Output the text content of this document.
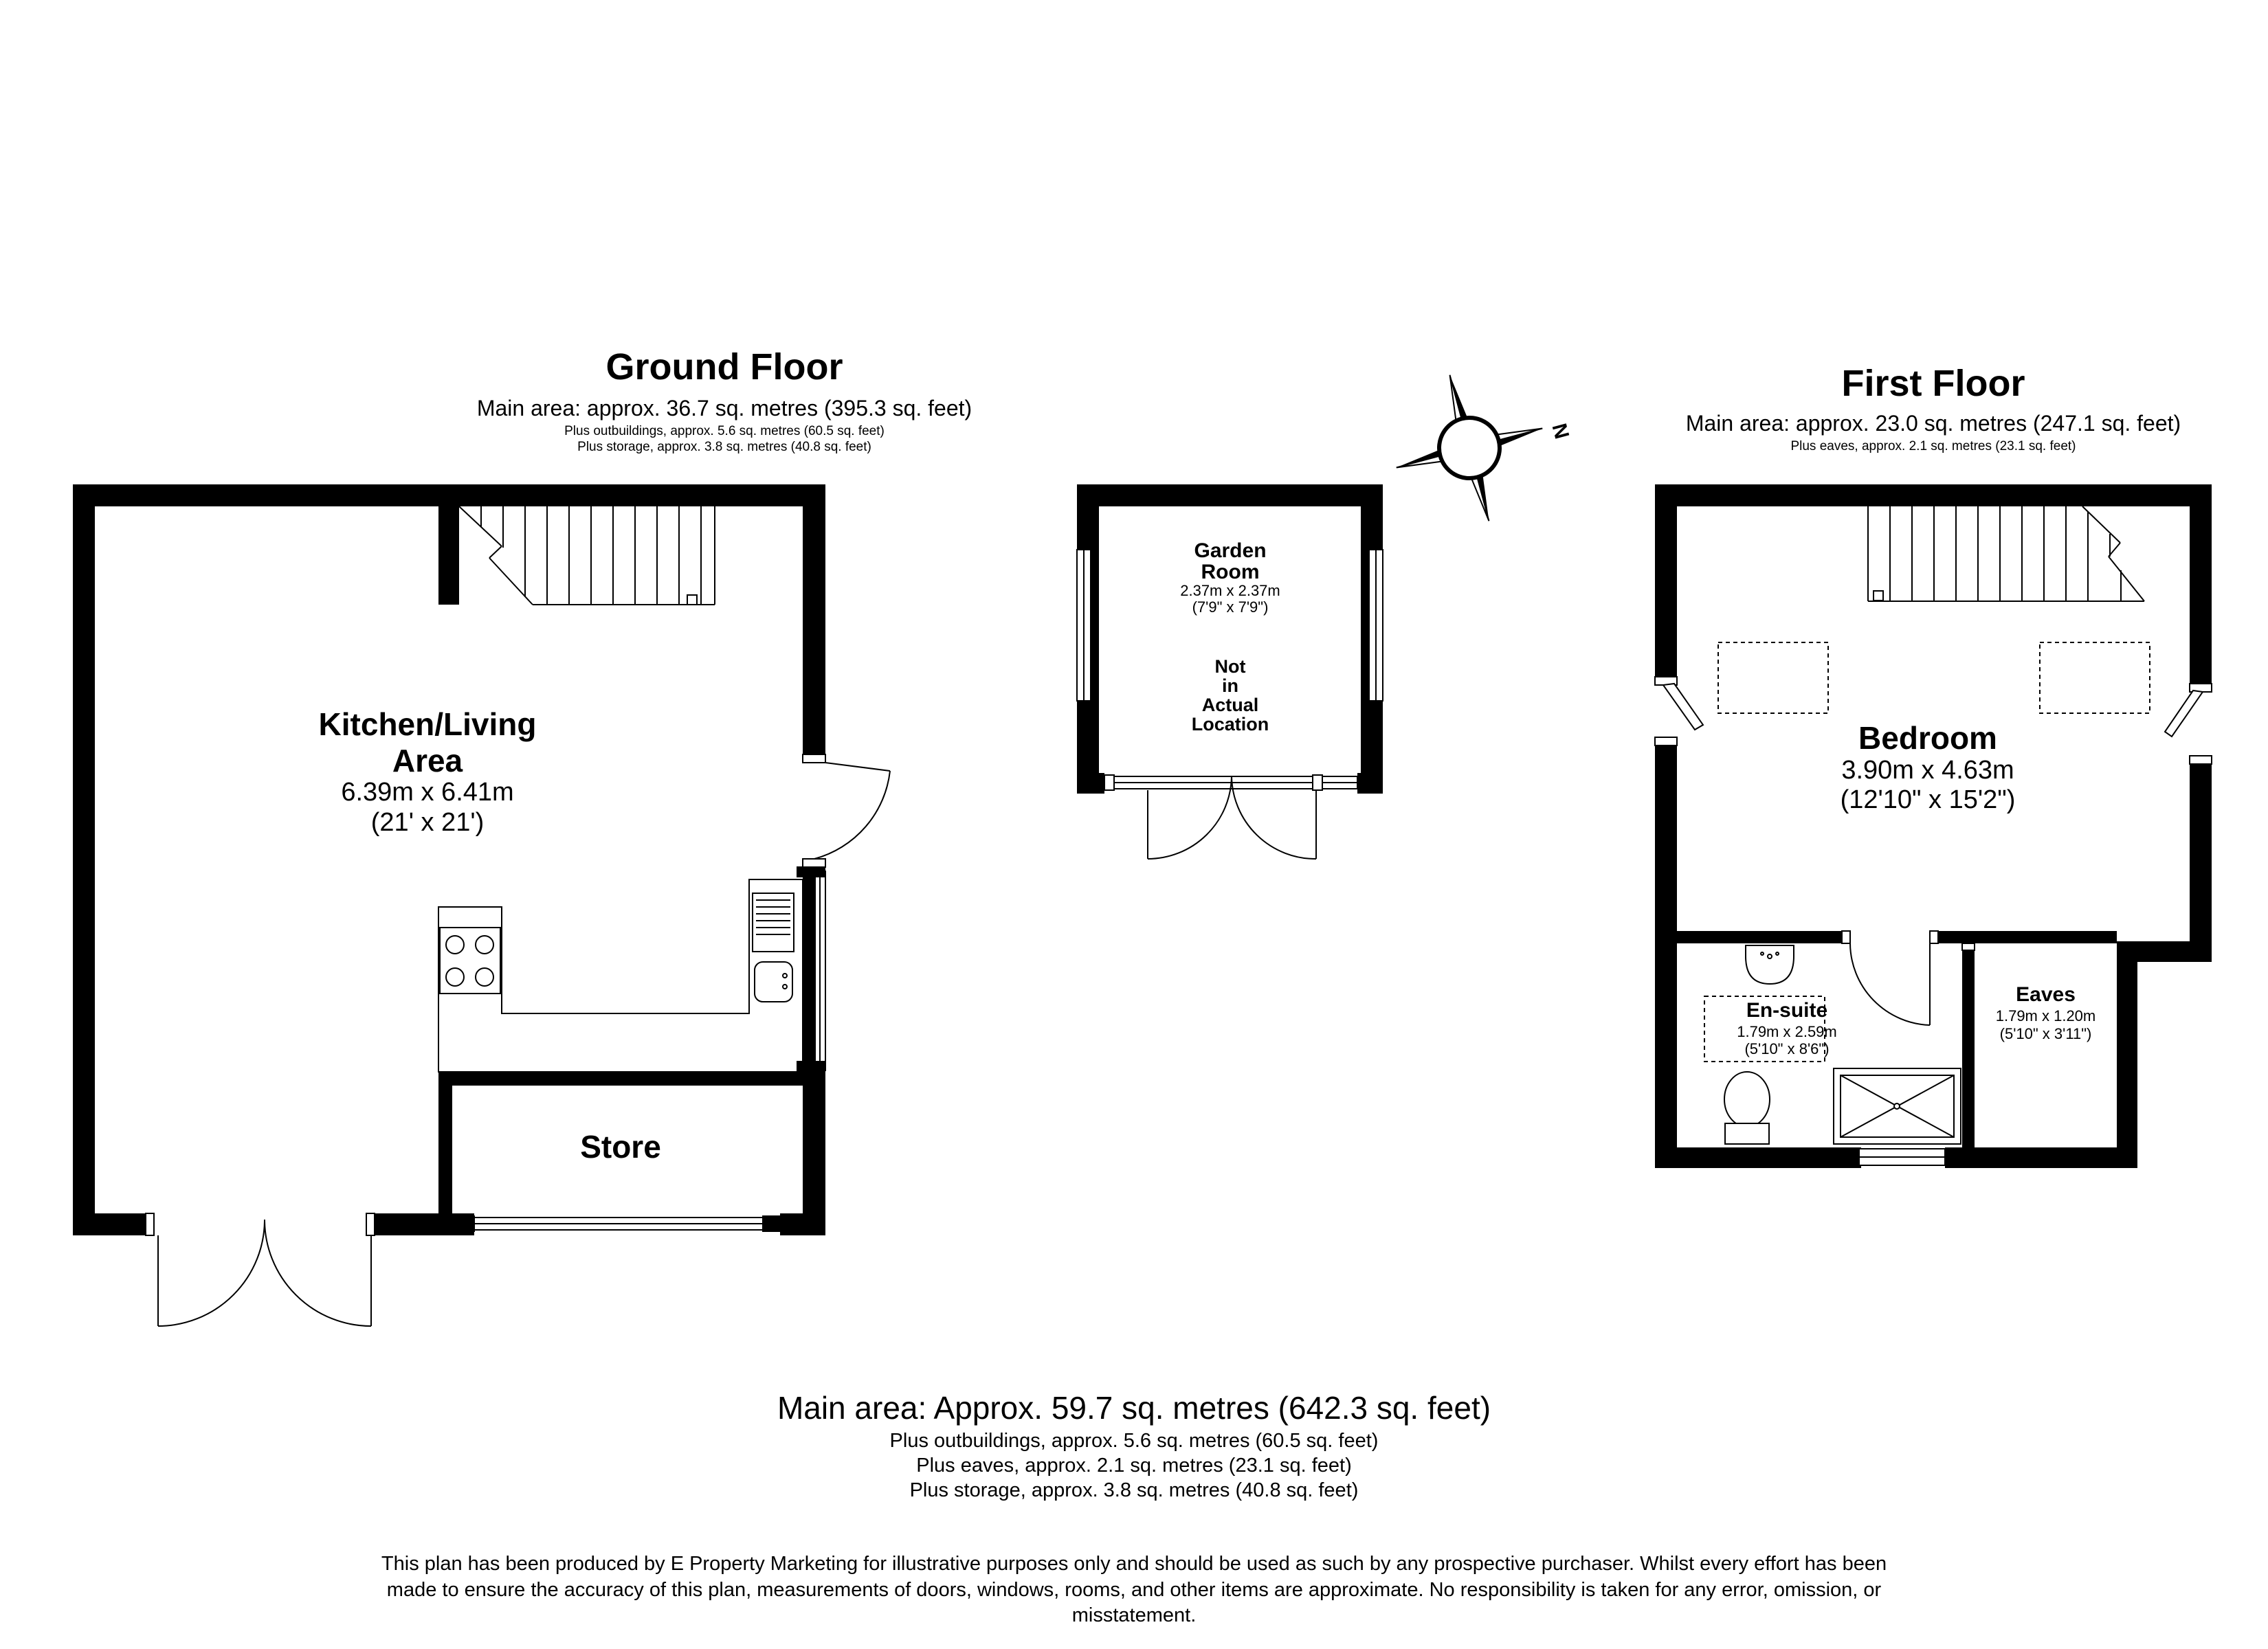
Ground Floor
Main area: approx. 36.7 sq. metres (395.3 sq. feet)
Plus outbuildings, approx. 5.6 sq. metres (60.5 sq. feet)
Plus storage, approx. 3.8 sq. metres (40.8 sq. feet)
Kitchen/Living
Area
6.39m x 6.41m
(21' x 21')
Store
Garden
Room
2.37m x 2.37m
(7'9" x 7'9")
Not
in
Actual
Location
N
First Floor
Main area: approx. 23.0 sq. metres (247.1 sq. feet)
Plus eaves, approx. 2.1 sq. metres (23.1 sq. feet)
Bedroom
3.90m x 4.63m
(12'10" x 15'2")
En-suite
1.79m x 2.59m
(5'10" x 8'6")
Eaves
1.79m x 1.20m
(5'10" x 3'11")
Main area: Approx. 59.7 sq. metres (642.3 sq. feet)
Plus outbuildings, approx. 5.6 sq. metres (60.5 sq. feet)
Plus eaves, approx. 2.1 sq. metres (23.1 sq. feet)
Plus storage, approx. 3.8 sq. metres (40.8 sq. feet)
This plan has been produced by E Property Marketing for illustrative purposes only and should be used as such by any prospective purchaser. Whilst every effort has been made to ensure the accuracy of this plan, measurements of doors, windows, rooms, and other items are approximate. No responsibility is taken for any error, omission, or misstatement.
